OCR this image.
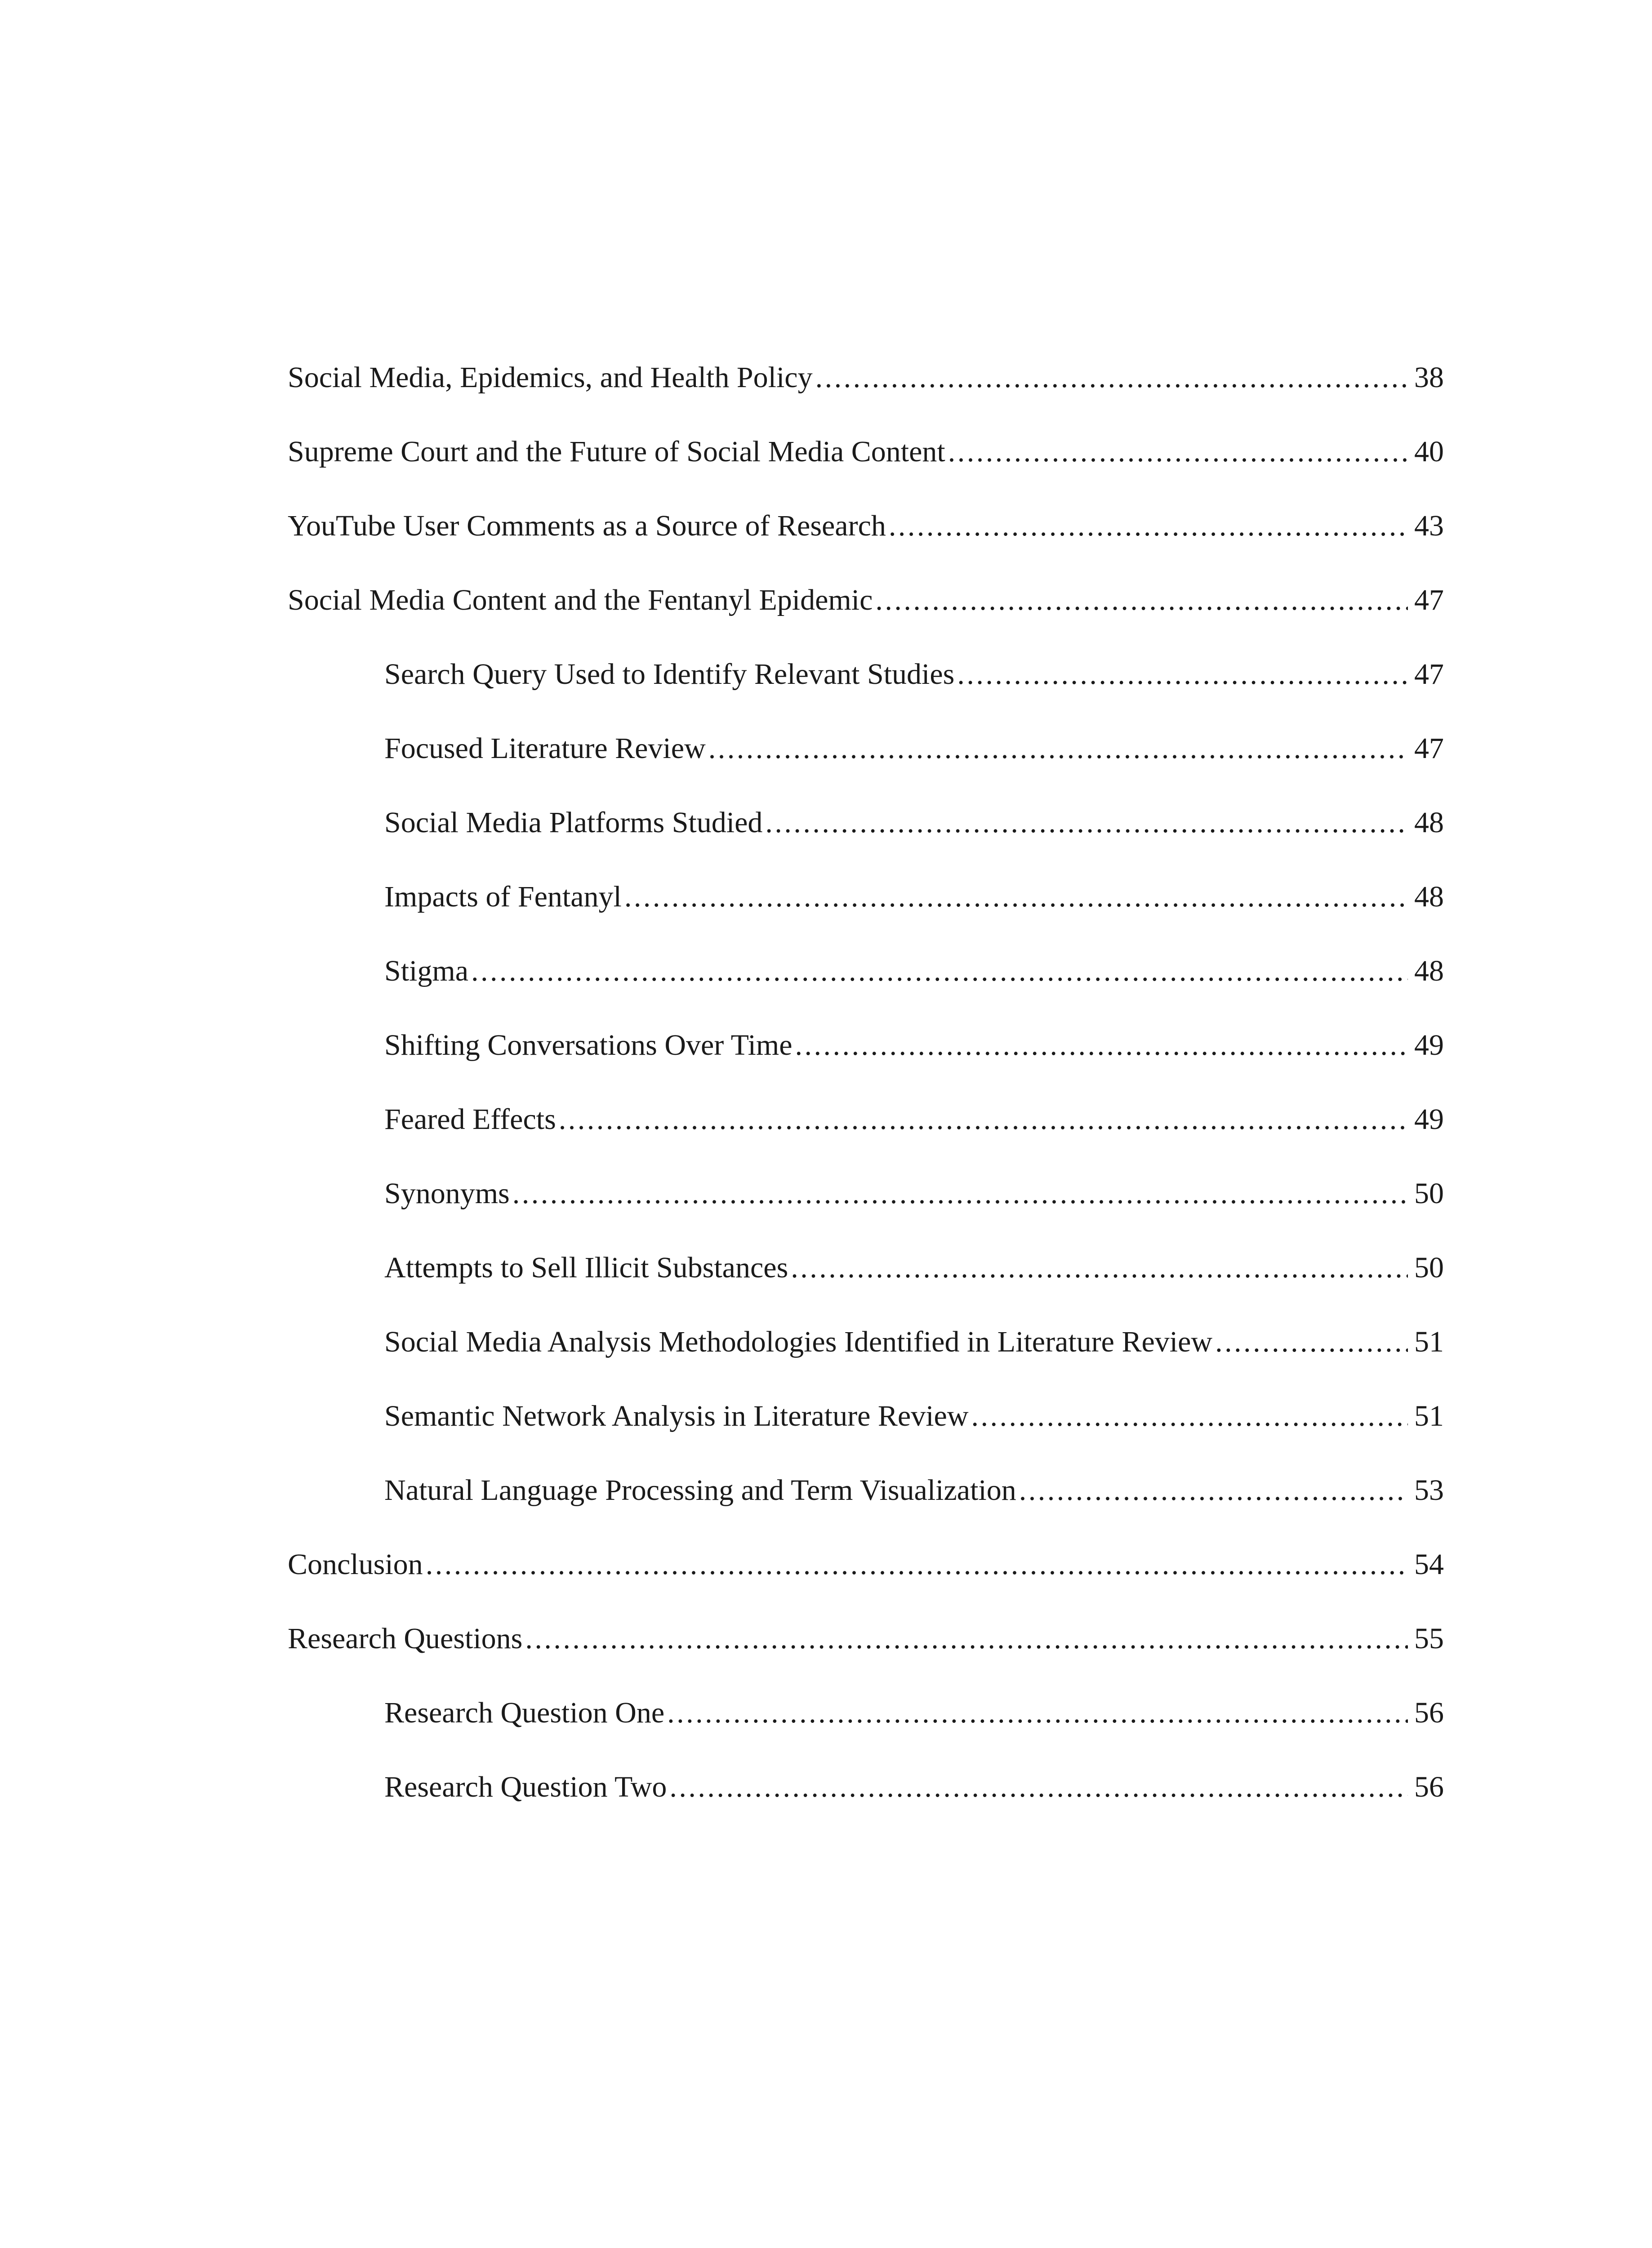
Social Media, Epidemics, and Health Policy . . .	38
Supreme Court and the Future of Social Media Content . . .	40
YouTube User Comments as a Source of Research . . .	43
Social Media Content and the Fentanyl Epidemic . . .	47
Search Query Used to Identify Relevant Studies . . .	47
Focused Literature Review . . .	47
Social Media Platforms Studied . . .	48
Impacts of Fentanyl . . .	48
Stigma . . .	48
Shifting Conversations Over Time . . .	49
Feared Effects . . .	49
Synonyms . . .	50
Attempts to Sell Illicit Substances . . .	50
Social Media Analysis Methodologies Identified in Literature Review . . .	51
Semantic Network Analysis in Literature Review . . .	51
Natural Language Processing and Term Visualization . . .	53
Conclusion . . .	54
Research Questions . . .	55
Research Question One . . .	56
Research Question Two . . .	56
